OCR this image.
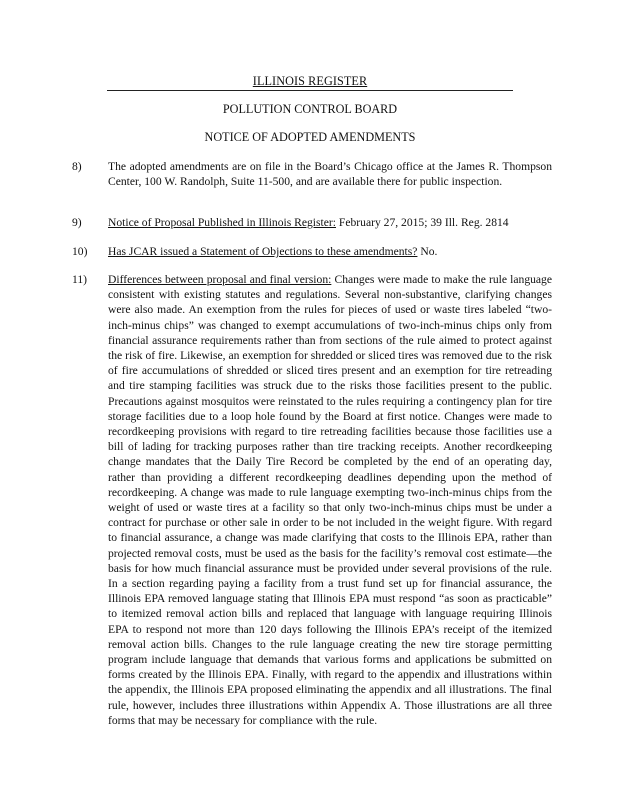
ILLINOIS REGISTER
POLLUTION CONTROL BOARD
NOTICE OF ADOPTED AMENDMENTS
8)	The adopted amendments are on file in the Board’s Chicago office at the James R. Thompson Center, 100 W. Randolph, Suite 11-500, and are available there for public inspection.
9)	Notice of Proposal Published in Illinois Register: February 27, 2015; 39 Ill. Reg. 2814
10)	Has JCAR issued a Statement of Objections to these amendments? No.
11)	Differences between proposal and final version: Changes were made to make the rule language consistent with existing statutes and regulations. Several non-substantive, clarifying changes were also made. An exemption from the rules for pieces of used or waste tires labeled “two-inch-minus chips” was changed to exempt accumulations of two-inch-minus chips only from financial assurance requirements rather than from sections of the rule aimed to protect against the risk of fire. Likewise, an exemption for shredded or sliced tires was removed due to the risk of fire accumulations of shredded or sliced tires present and an exemption for tire retreading and tire stamping facilities was struck due to the risks those facilities present to the public. Precautions against mosquitos were reinstated to the rules requiring a contingency plan for tire storage facilities due to a loop hole found by the Board at first notice. Changes were made to recordkeeping provisions with regard to tire retreading facilities because those facilities use a bill of lading for tracking purposes rather than tire tracking receipts. Another recordkeeping change mandates that the Daily Tire Record be completed by the end of an operating day, rather than providing a different recordkeeping deadlines depending upon the method of recordkeeping. A change was made to rule language exempting two-inch-minus chips from the weight of used or waste tires at a facility so that only two-inch-minus chips must be under a contract for purchase or other sale in order to be not included in the weight figure. With regard to financial assurance, a change was made clarifying that costs to the Illinois EPA, rather than projected removal costs, must be used as the basis for the facility’s removal cost estimate—the basis for how much financial assurance must be provided under several provisions of the rule. In a section regarding paying a facility from a trust fund set up for financial assurance, the Illinois EPA removed language stating that Illinois EPA must respond “as soon as practicable” to itemized removal action bills and replaced that language with language requiring Illinois EPA to respond not more than 120 days following the Illinois EPA’s receipt of the itemized removal action bills. Changes to the rule language creating the new tire storage permitting program include language that demands that various forms and applications be submitted on forms created by the Illinois EPA. Finally, with regard to the appendix and illustrations within the appendix, the Illinois EPA proposed eliminating the appendix and all illustrations. The final rule, however, includes three illustrations within Appendix A. Those illustrations are all three forms that may be necessary for compliance with the rule.
